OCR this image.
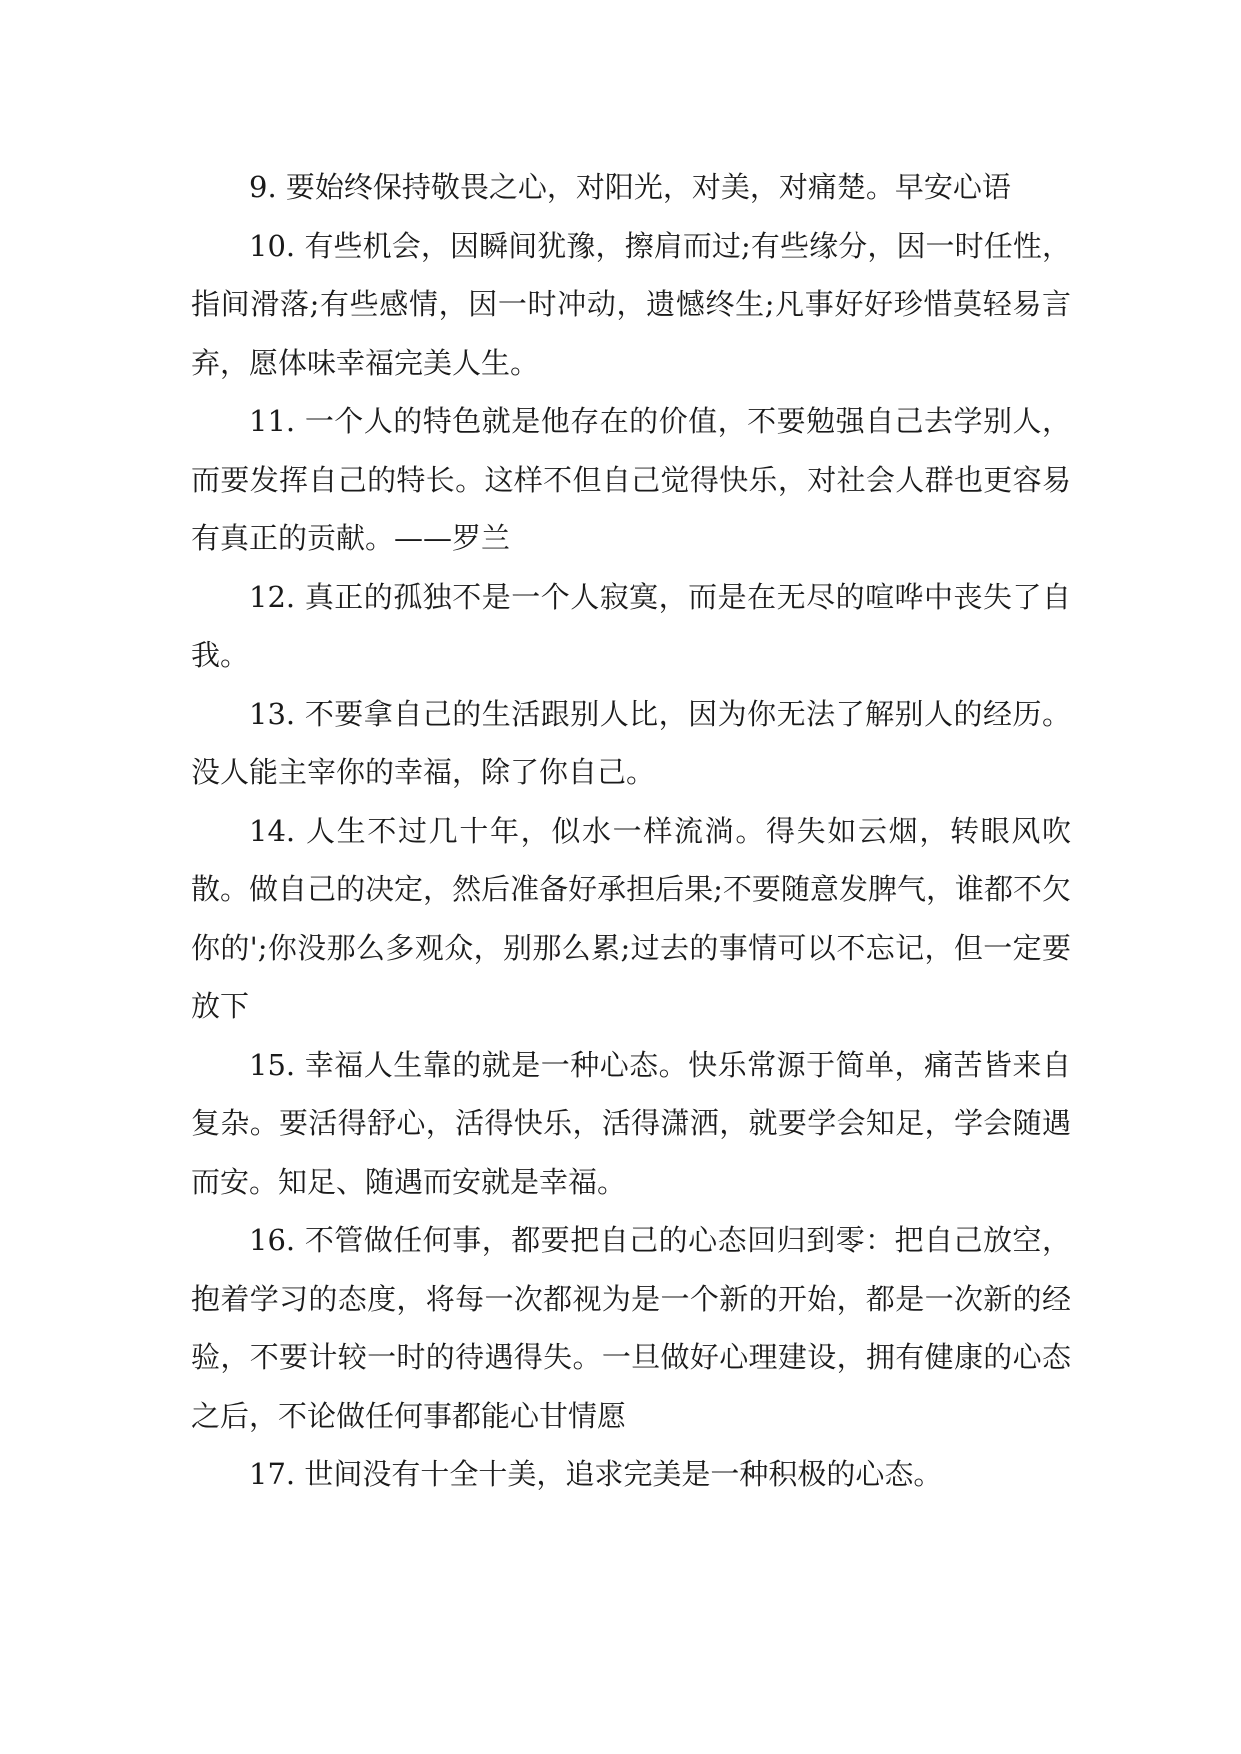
9. 要始终保持敬畏之心，对阳光，对美，对痛楚。早安心语

10. 有些机会，因瞬间犹豫，擦肩而过;有些缘分，因一时任性，指间滑落;有些感情，因一时冲动，遗憾终生;凡事好好珍惜莫轻易言弃，愿体味幸福完美人生。

11. 一个人的特色就是他存在的价值，不要勉强自己去学别人，而要发挥自己的特长。这样不但自己觉得快乐，对社会人群也更容易有真正的贡献。——罗兰

12. 真正的孤独不是一个人寂寞，而是在无尽的喧哗中丧失了自我。

13. 不要拿自己的生活跟别人比，因为你无法了解别人的经历。没人能主宰你的幸福，除了你自己。

14. 人生不过几十年，似水一样流淌。得失如云烟，转眼风吹散。做自己的决定，然后准备好承担后果;不要随意发脾气，谁都不欠你的';你没那么多观众，别那么累;过去的事情可以不忘记，但一定要放下

15. 幸福人生靠的就是一种心态。快乐常源于简单，痛苦皆来自复杂。要活得舒心，活得快乐，活得潇洒，就要学会知足，学会随遇而安。知足、随遇而安就是幸福。

16. 不管做任何事，都要把自己的心态回归到零：把自己放空，抱着学习的态度，将每一次都视为是一个新的开始，都是一次新的经验，不要计较一时的待遇得失。一旦做好心理建设，拥有健康的心态之后，不论做任何事都能心甘情愿

17. 世间没有十全十美，追求完美是一种积极的心态。
